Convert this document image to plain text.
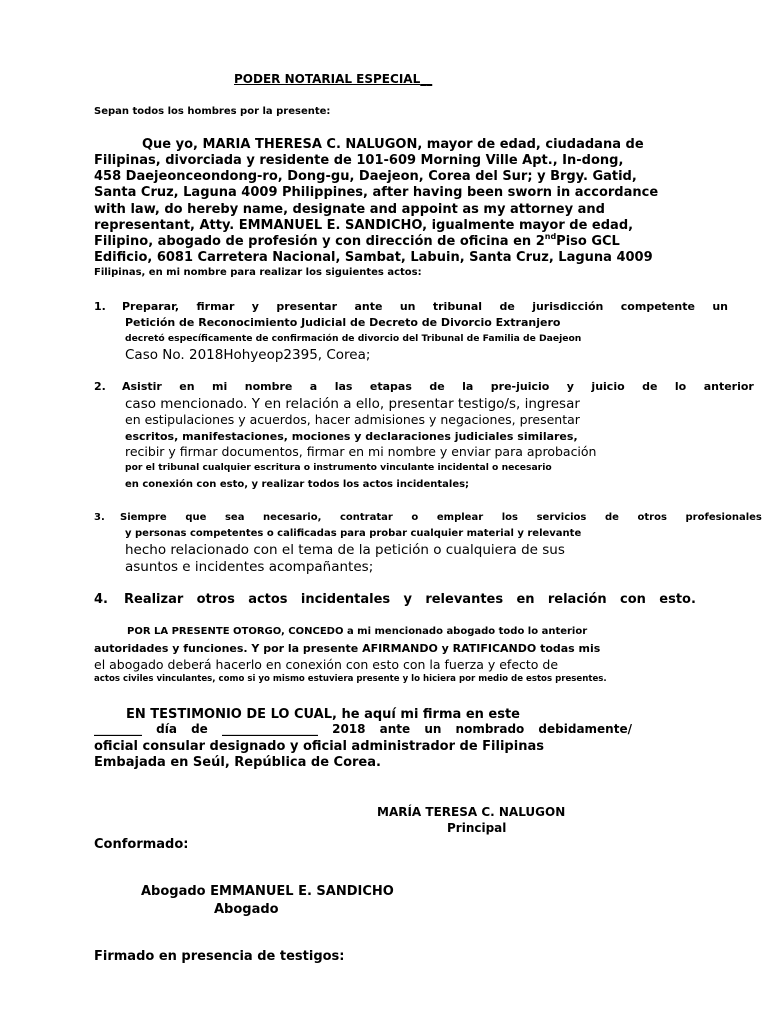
PODER NOTARIAL ESPECIAL__
Sepan todos los hombres por la presente:
Que yo, MARIA THERESA C. NALUGON, mayor de edad, ciudadana de
Filipinas, divorciada y residente de 101-609 Morning Ville Apt., In-dong,
458 Daejeonceondong-ro, Dong-gu, Daejeon, Corea del Sur; y Brgy. Gatid,
Santa Cruz, Laguna 4009 Philippines, after having been sworn in accordance
with law, do hereby name, designate and appoint as my attorney and
representant, Atty. EMMANUEL E. SANDICHO, igualmente mayor de edad,
Filipino, abogado de profesión y con dirección de oficina en 2ndPiso GCL
Edificio, 6081 Carretera Nacional, Sambat, Labuin, Santa Cruz, Laguna 4009
Filipinas, en mi nombre para realizar los siguientes actos:
1. Preparar, firmar y presentar ante un tribunal de jurisdicción competente un
Petición de Reconocimiento Judicial de Decreto de Divorcio Extranjero
decretó específicamente de confirmación de divorcio del Tribunal de Familia de Daejeon
Caso No. 2018Hohyeop2395, Corea;
2. Asistir en mi nombre a las etapas de la pre-juicio y juicio de lo anterior
caso mencionado. Y en relación a ello, presentar testigo/s, ingresar
en estipulaciones y acuerdos, hacer admisiones y negaciones, presentar
escritos, manifestaciones, mociones y declaraciones judiciales similares,
recibir y firmar documentos, firmar en mi nombre y enviar para aprobación
por el tribunal cualquier escritura o instrumento vinculante incidental o necesario
en conexión con esto, y realizar todos los actos incidentales;
3. Siempre que sea necesario, contratar o emplear los servicios de otros profesionales
y personas competentes o calificadas para probar cualquier material y relevante
hecho relacionado con el tema de la petición o cualquiera de sus
asuntos e incidentes acompañantes;
4. Realizar otros actos incidentales y relevantes en relación con esto.
POR LA PRESENTE OTORGO, CONCEDO a mi mencionado abogado todo lo anterior
autoridades y funciones. Y por la presente AFIRMANDO y RATIFICANDO todas mis
el abogado deberá hacerlo en conexión con esto con la fuerza y efecto de
actos civiles vinculantes, como si yo mismo estuviera presente y lo hiciera por medio de estos presentes.
EN TESTIMONIO DE LO CUAL, he aquí mi firma en este
________ día de ________________ 2018 ante un nombrado debidamente/
oficial consular designado y oficial administrador de Filipinas
Embajada en Seúl, República de Corea.
MARÍA TERESA C. NALUGON
Principal
Conformado:
Abogado EMMANUEL E. SANDICHO
Abogado
Firmado en presencia de testigos:
